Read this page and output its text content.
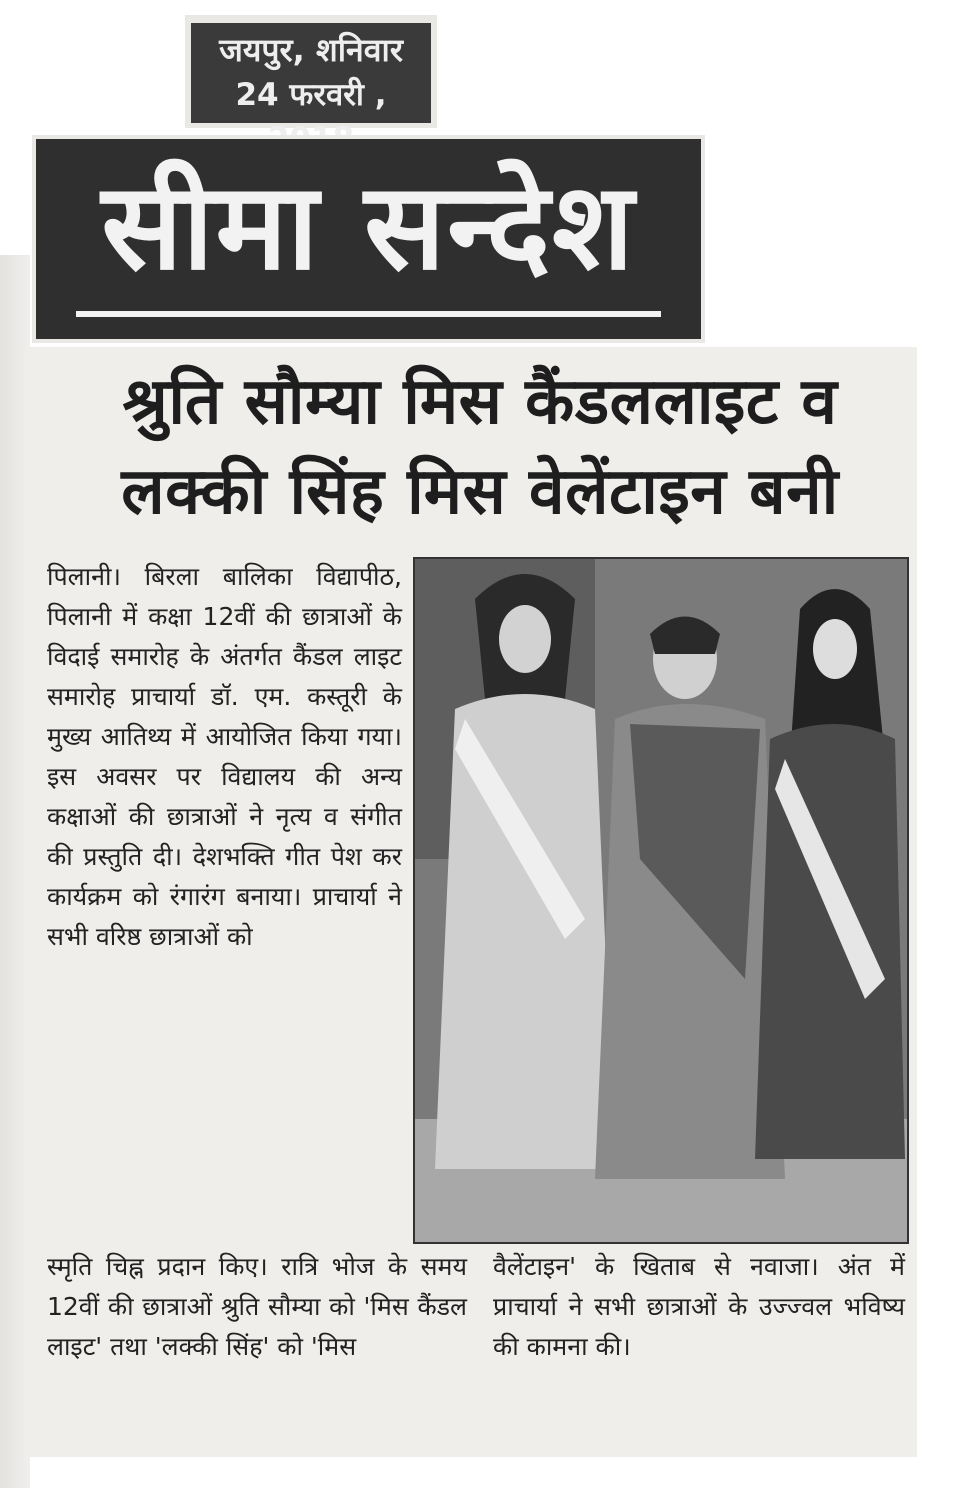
जयपुर, शनिवार
24 फरवरी ,
सीमा सन्देश
श्रुति सौम्या मिस कैंडललाइट व
लक्की सिंह मिस वेलेंटाइन बनी

पिलानी। बिरला बालिका विद्यापीठ, पिलानी में कक्षा 12वीं की छात्राओं के विदाई समारोह के अंतर्गत कैंडल लाइट समारोह प्राचार्या डॉ. एम. कस्तूरी के मुख्य आतिथ्य में आयोजित किया गया। इस अवसर पर विद्यालय की अन्य कक्षाओं की छात्राओं ने नृत्य व संगीत की प्रस्तुति दी। देशभक्ति गीत पेश कर कार्यक्रम को रंगारंग बनाया। प्राचार्या ने सभी वरिष्ठ छात्राओं को

स्मृति चिह्न प्रदान किए। रात्रि भोज के समय 12वीं की छात्राओं श्रुति सौम्या को 'मिस कैंडल लाइट' तथा 'लक्की सिंह' को 'मिस

वैलेंटाइन' के खिताब से नवाजा। अंत में प्राचार्या ने सभी छात्राओं के उज्ज्वल भविष्य की कामना की।
